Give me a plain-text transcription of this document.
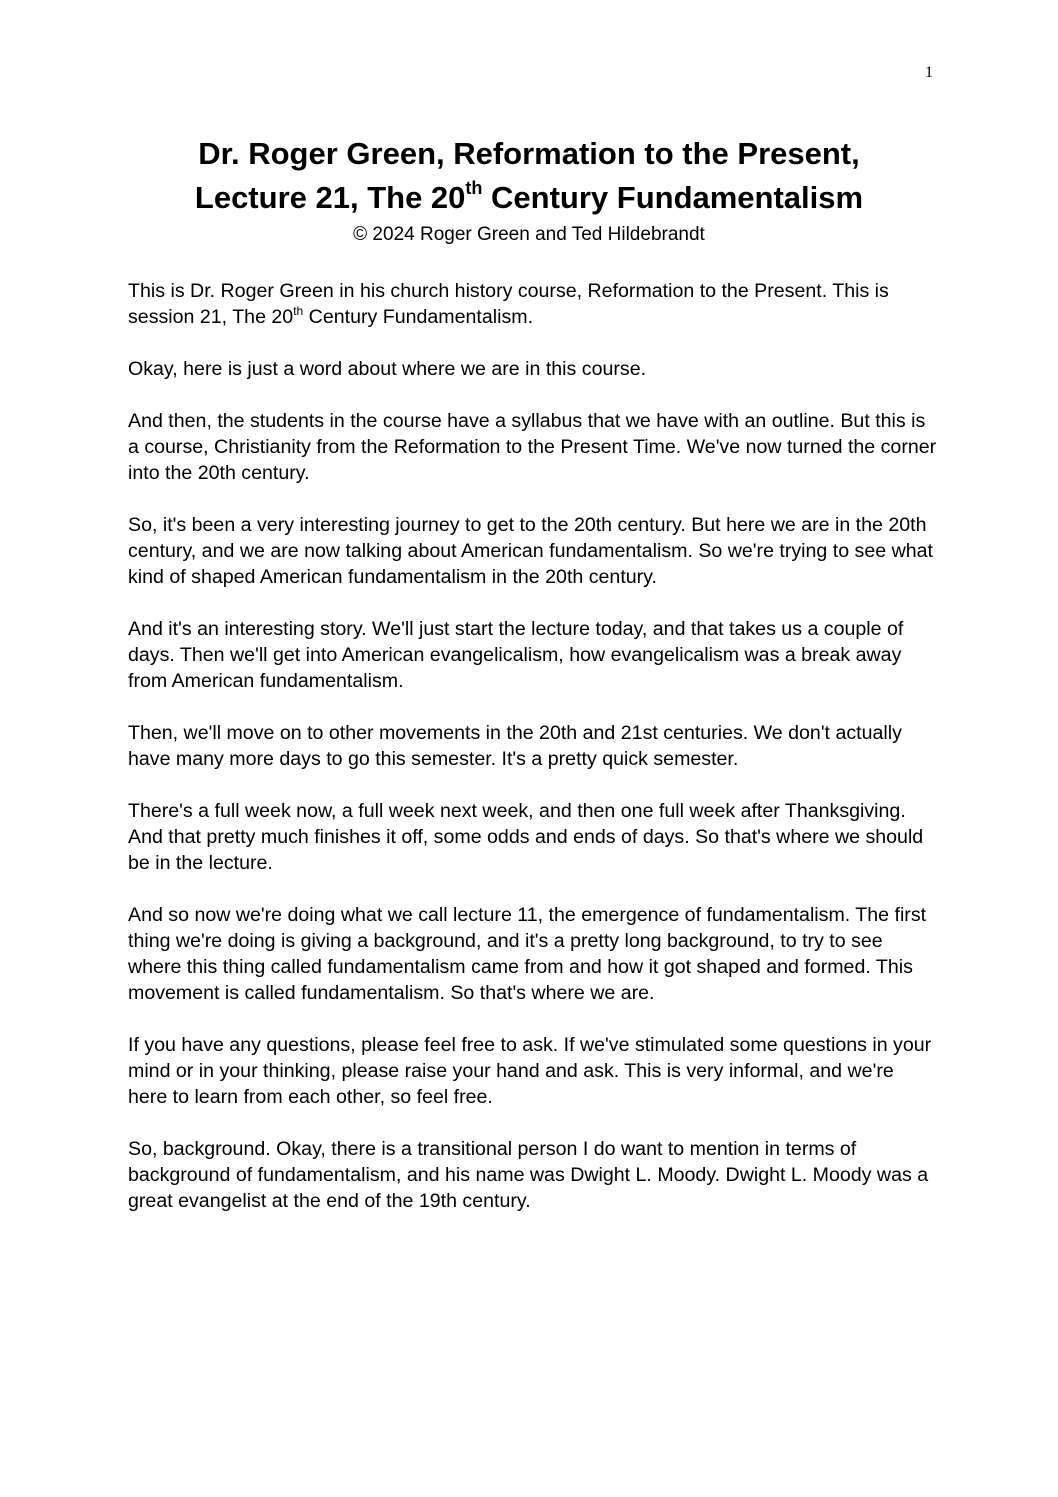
1
Dr. Roger Green, Reformation to the Present,
Lecture 21, The 20th Century Fundamentalism
© 2024 Roger Green and Ted Hildebrandt

This is Dr. Roger Green in his church history course, Reformation to the Present. This is session 21, The 20th Century Fundamentalism.

Okay, here is just a word about where we are in this course.

And then, the students in the course have a syllabus that we have with an outline. But this is a course, Christianity from the Reformation to the Present Time. We've now turned the corner into the 20th century.

So, it's been a very interesting journey to get to the 20th century. But here we are in the 20th century, and we are now talking about American fundamentalism. So we're trying to see what kind of shaped American fundamentalism in the 20th century.

And it's an interesting story. We'll just start the lecture today, and that takes us a couple of days. Then we'll get into American evangelicalism, how evangelicalism was a break away from American fundamentalism.

Then, we'll move on to other movements in the 20th and 21st centuries. We don't actually have many more days to go this semester. It's a pretty quick semester.

There's a full week now, a full week next week, and then one full week after Thanksgiving. And that pretty much finishes it off, some odds and ends of days. So that's where we should be in the lecture.

And so now we're doing what we call lecture 11, the emergence of fundamentalism. The first thing we're doing is giving a background, and it's a pretty long background, to try to see where this thing called fundamentalism came from and how it got shaped and formed. This movement is called fundamentalism. So that's where we are.

If you have any questions, please feel free to ask. If we've stimulated some questions in your mind or in your thinking, please raise your hand and ask. This is very informal, and we're here to learn from each other, so feel free.

So, background. Okay, there is a transitional person I do want to mention in terms of background of fundamentalism, and his name was Dwight L. Moody. Dwight L. Moody was a great evangelist at the end of the 19th century.
